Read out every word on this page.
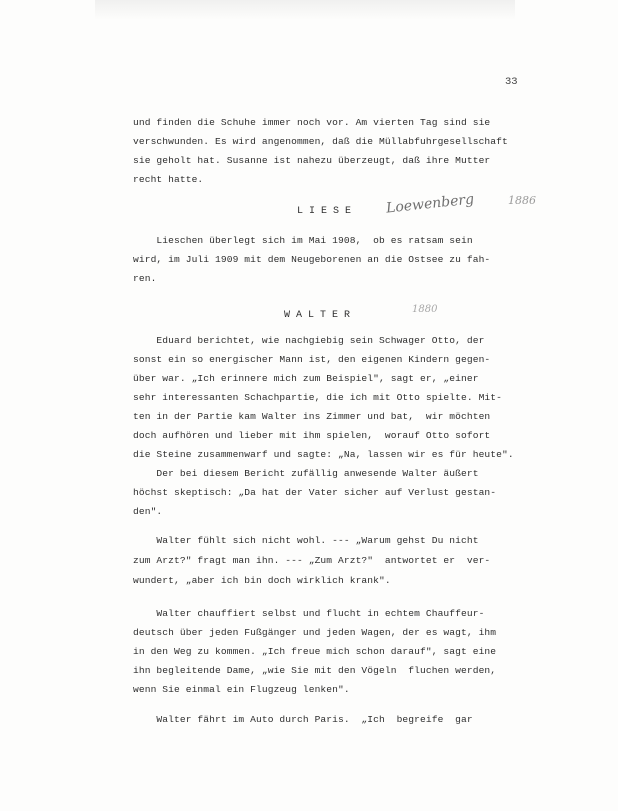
33
und finden die Schuhe immer noch vor. Am vierten Tag sind sie
verschwunden. Es wird angenommen, daß die Müllabfuhrgesellschaft
sie geholt hat. Susanne ist nahezu überzeugt, daß ihre Mutter
recht hatte.
LIESE Loewenberg	1886
Lieschen überlegt sich im Mai 1908,  ob es ratsam sein
wird, im Juli 1909 mit dem Neugeborenen an die Ostsee zu fah-
ren.
WALTER
1880
Eduard berichtet, wie nachgiebig sein Schwager Otto, der
sonst ein so energischer Mann ist, den eigenen Kindern gegen-
über war. „Ich erinnere mich zum Beispiel", sagt er, „einer
sehr interessanten Schachpartie, die ich mit Otto spielte. Mit-
ten in der Partie kam Walter ins Zimmer und bat,  wir möchten
doch aufhören und lieber mit ihm spielen,  worauf Otto sofort
die Steine zusammenwarf und sagte: „Na, lassen wir es für heute".
Der bei diesem Bericht zufällig anwesende Walter äußert
höchst skeptisch: „Da hat der Vater sicher auf Verlust gestan-
den".
Walter fühlt sich nicht wohl. --- „Warum gehst Du nicht
zum Arzt?" fragt man ihn. --- „Zum Arzt?"  antwortet er  ver-
wundert, „aber ich bin doch wirklich krank".
Walter chauffiert selbst und flucht in echtem Chauffeur-
deutsch über jeden Fußgänger und jeden Wagen, der es wagt, ihm
in den Weg zu kommen. „Ich freue mich schon darauf", sagt eine
ihn begleitende Dame, „wie Sie mit den Vögeln  fluchen werden,
wenn Sie einmal ein Flugzeug lenken".
Walter fährt im Auto durch Paris.  „Ich  begreife  gar
